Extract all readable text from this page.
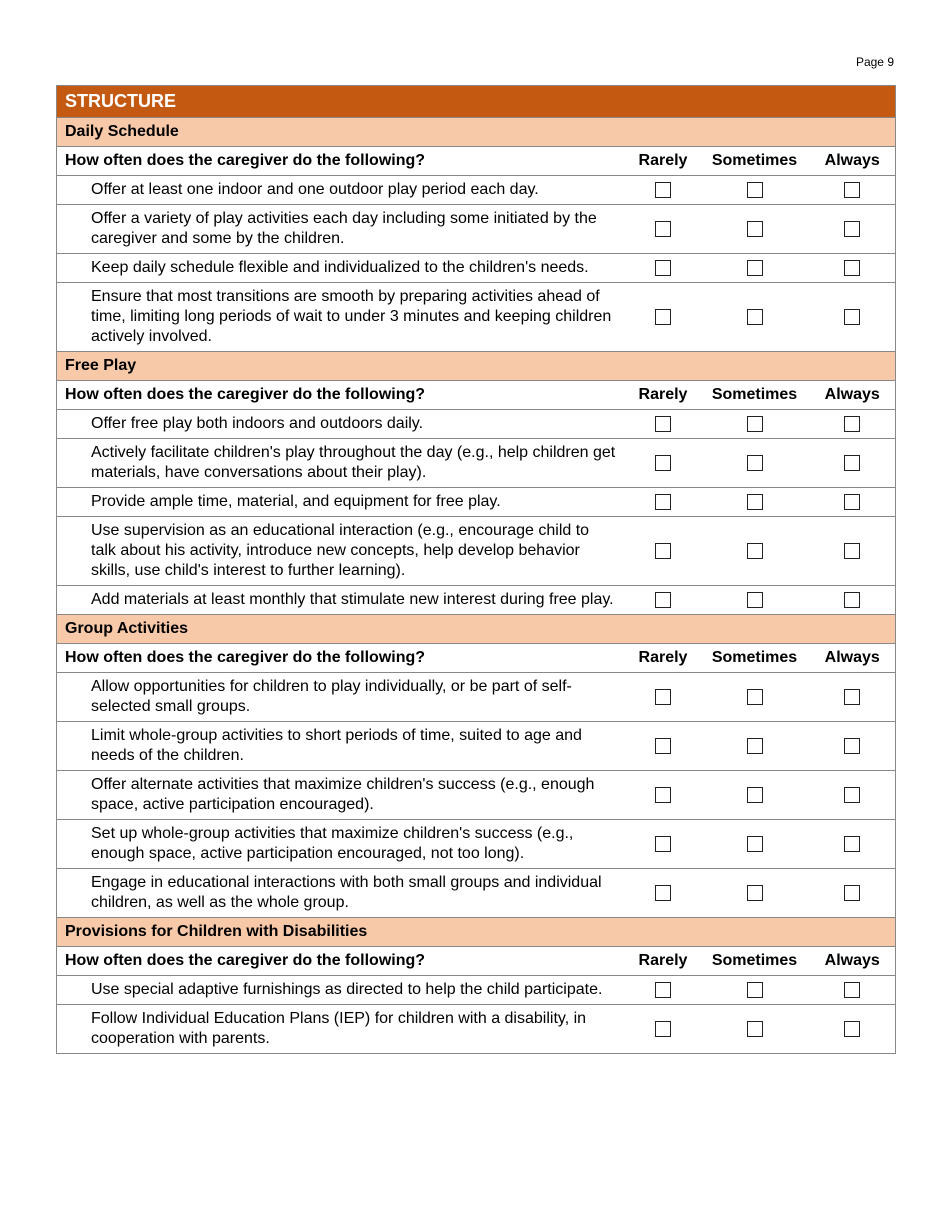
Page 9
STRUCTURE			
Daily Schedule			
How often does the caregiver do the following?	Rarely	Sometimes	Always
Offer at least one indoor and one outdoor play period each day.			
Offer a variety of play activities each day including some initiated by the caregiver and some by the children.			
Keep daily schedule flexible and individualized to the children's needs.			
Ensure that most transitions are smooth by preparing activities ahead of time, limiting long periods of wait to under 3 minutes and keeping children actively involved.			
Free Play			
How often does the caregiver do the following?	Rarely	Sometimes	Always
Offer free play both indoors and outdoors daily.			
Actively facilitate children's play throughout the day (e.g., help children get materials, have conversations about their play).			
Provide ample time, material, and equipment for free play.			
Use supervision as an educational interaction (e.g., encourage child to talk about his activity, introduce new concepts, help develop behavior skills, use child's interest to further learning).			
Add materials at least monthly that stimulate new interest during free play.			
Group Activities			
How often does the caregiver do the following?	Rarely	Sometimes	Always
Allow opportunities for children to play individually, or be part of self-selected small groups.			
Limit whole-group activities to short periods of time, suited to age and needs of the children.			
Offer alternate activities that maximize children's success (e.g., enough space, active participation encouraged).			
Set up whole-group activities that maximize children's success (e.g., enough space, active participation encouraged, not too long).			
Engage in educational interactions with both small groups and individual children, as well as the whole group.			
Provisions for Children with Disabilities			
How often does the caregiver do the following?	Rarely	Sometimes	Always
Use special adaptive furnishings as directed to help the child participate.			
Follow Individual Education Plans (IEP) for children with a disability, in cooperation with parents.			
